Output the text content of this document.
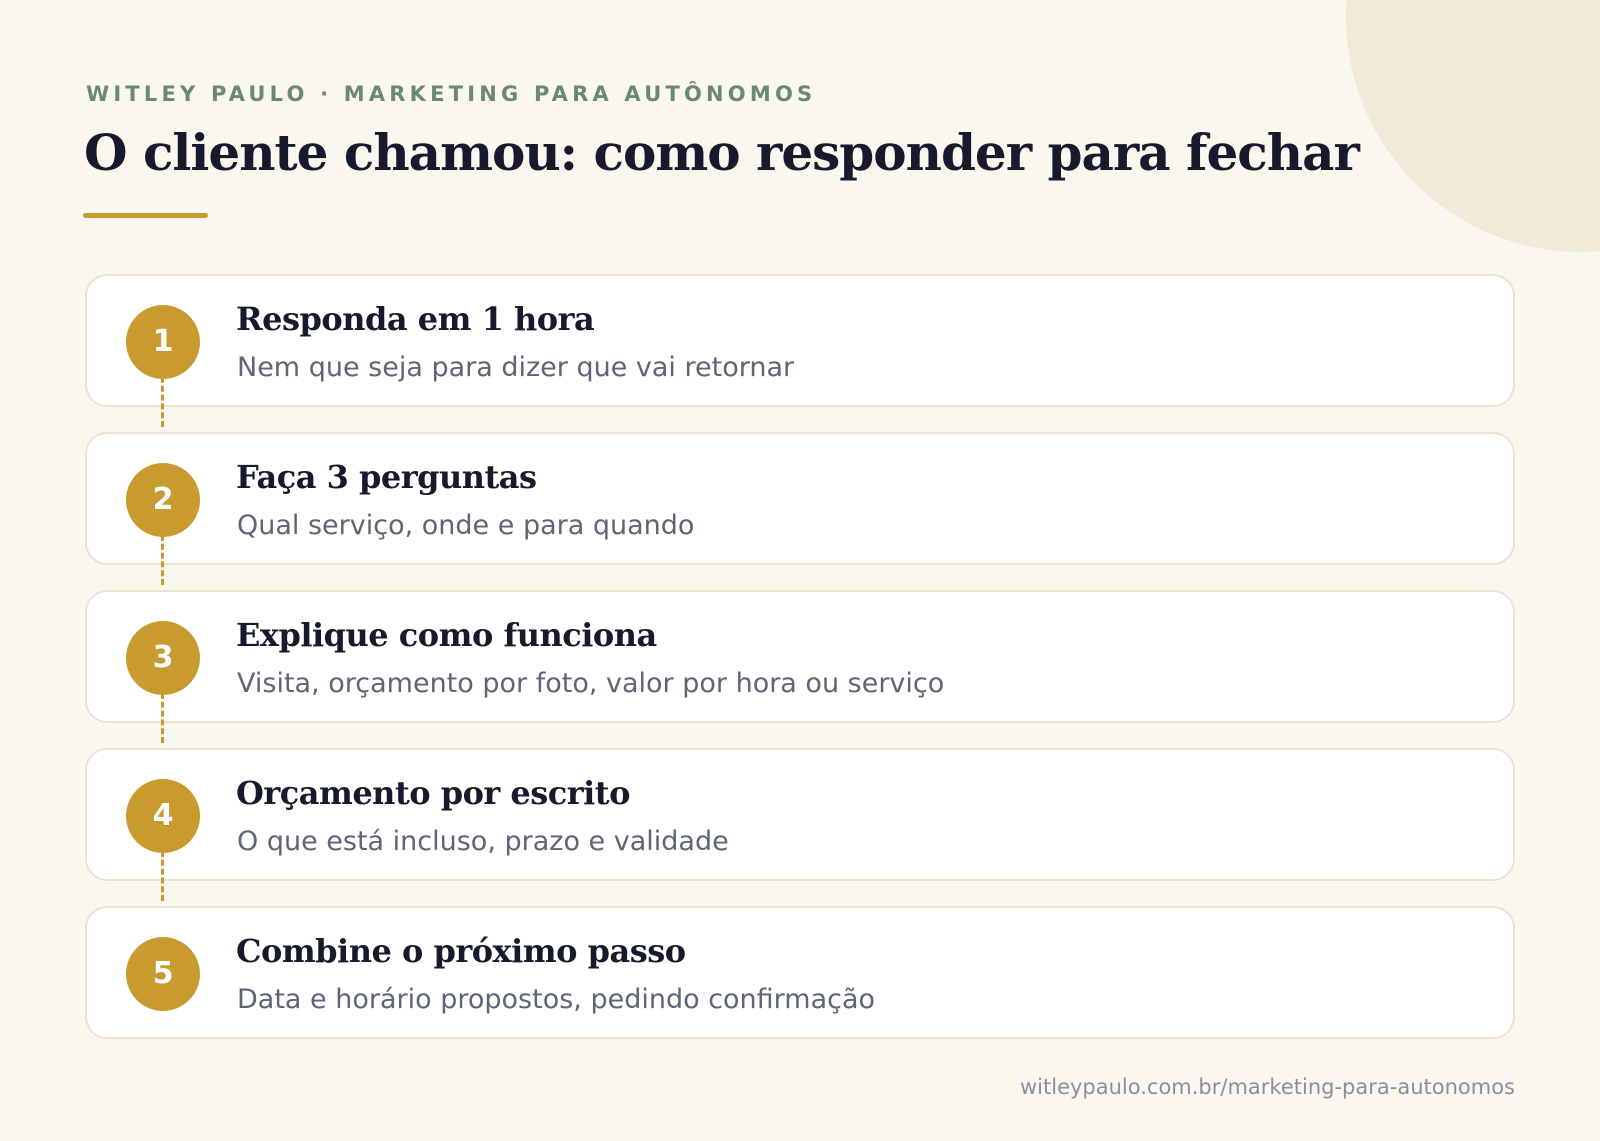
WITLEY PAULO · MARKETING PARA AUTÔNOMOS
O cliente chamou: como responder para fechar
1
Responda em 1 hora
Nem que seja para dizer que vai retornar
2
Faça 3 perguntas
Qual serviço, onde e para quando
3
Explique como funciona
Visita, orçamento por foto, valor por hora ou serviço
4
Orçamento por escrito
O que está incluso, prazo e validade
5
Combine o próximo passo
Data e horário propostos, pedindo confirmação
witleypaulo.com.br/marketing-para-autonomos
